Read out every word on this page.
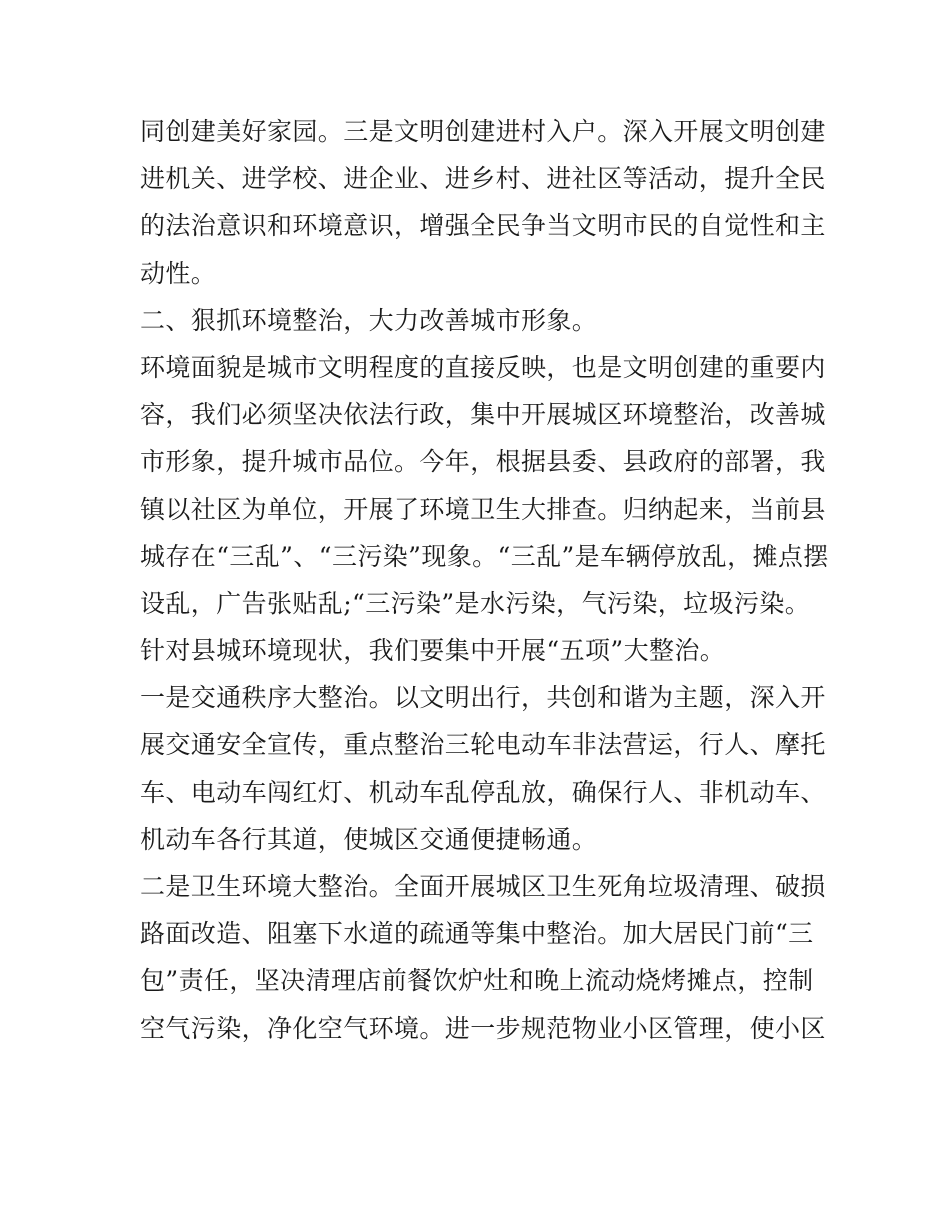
同创建美好家园。三是文明创建进村入户。深入开展文明创建
进机关、进学校、进企业、进乡村、进社区等活动，提升全民
的法治意识和环境意识，增强全民争当文明市民的自觉性和主
动性。
二、狠抓环境整治，大力改善城市形象。
环境面貌是城市文明程度的直接反映，也是文明创建的重要内
容，我们必须坚决依法行政，集中开展城区环境整治，改善城
市形象，提升城市品位。今年，根据县委、县政府的部署，我
镇以社区为单位，开展了环境卫生大排查。归纳起来，当前县
城存在“三乱”、“三污染”现象。“三乱”是车辆停放乱，摊点摆
设乱，广告张贴乱;“三污染”是水污染，气污染，垃圾污染。
针对县城环境现状，我们要集中开展“五项”大整治。
一是交通秩序大整治。以文明出行，共创和谐为主题，深入开
展交通安全宣传，重点整治三轮电动车非法营运，行人、摩托
车、电动车闯红灯、机动车乱停乱放，确保行人、非机动车、
机动车各行其道，使城区交通便捷畅通。
二是卫生环境大整治。全面开展城区卫生死角垃圾清理、破损
路面改造、阻塞下水道的疏通等集中整治。加大居民门前“三
包”责任，坚决清理店前餐饮炉灶和晚上流动烧烤摊点，控制
空气污染，净化空气环境。进一步规范物业小区管理，使小区
